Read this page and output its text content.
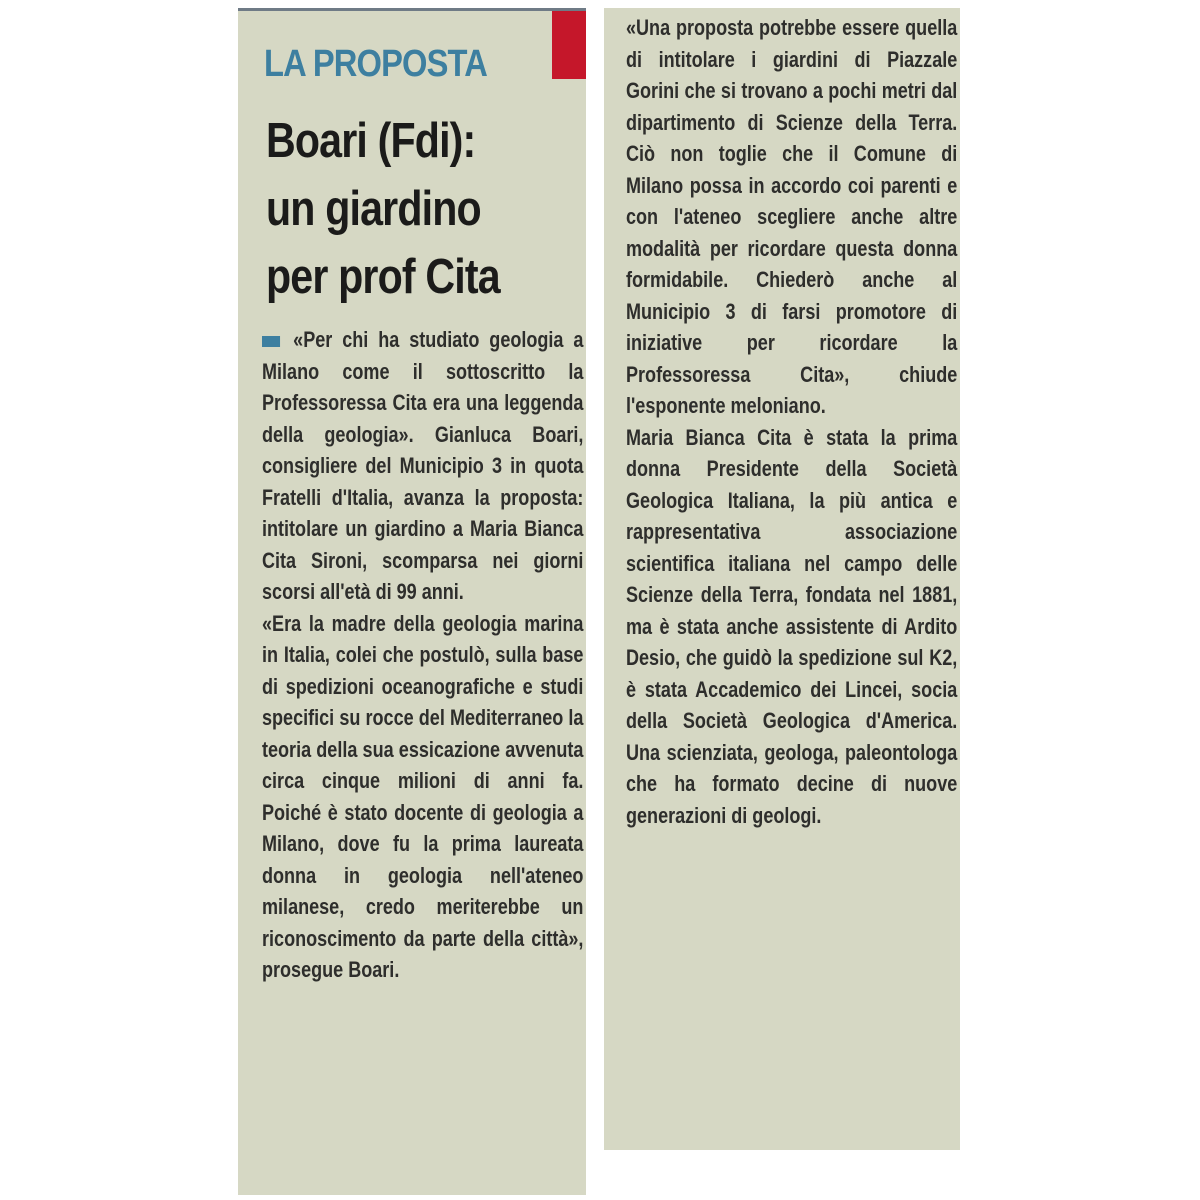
LA PROPOSTA
Boari (Fdi):
un giardino
per prof Cita

«Per chi ha studiato geologia a Milano come il sottoscritto la Professoressa Cita era una leggenda della geologia». Gianluca Boari, consigliere del Municipio 3 in quota Fratelli d'Italia, avanza la proposta: intitolare un giardino a Maria Bianca Cita Sironi, scomparsa nei giorni scorsi all'età di 99 anni.

«Era la madre della geologia marina in Italia, colei che postulò, sulla base di spedizioni oceanografiche e studi specifici su rocce del Mediterraneo la teoria della sua essicazione avvenuta circa cinque milioni di anni fa. Poiché è stato docente di geologia a Milano, dove fu la prima laureata donna in geologia nell'ateneo milanese, credo meriterebbe un riconoscimento da parte della città», prosegue Boari.

«Una proposta potrebbe essere quella di intitolare i giardini di Piazzale Gorini che si trovano a pochi metri dal dipartimento di Scienze della Terra. Ciò non toglie che il Comune di Milano possa in accordo coi parenti e con l'ateneo scegliere anche altre modalità per ricordare questa donna formidabile. Chiederò anche al Municipio 3 di farsi promotore di iniziative per ricordare la Professoressa Cita», chiude l'esponente meloniano.

Maria Bianca Cita è stata la prima donna Presidente della Società Geologica Italiana, la più antica e rappresentativa associazione scientifica italiana nel campo delle Scienze della Terra, fondata nel 1881, ma è stata anche assistente di Ardito Desio, che guidò la spedizione sul K2, è stata Accademico dei Lincei, socia della Società Geologica d'America. Una scienziata, geologa, paleontologa che ha formato decine di nuove generazioni di geologi.
